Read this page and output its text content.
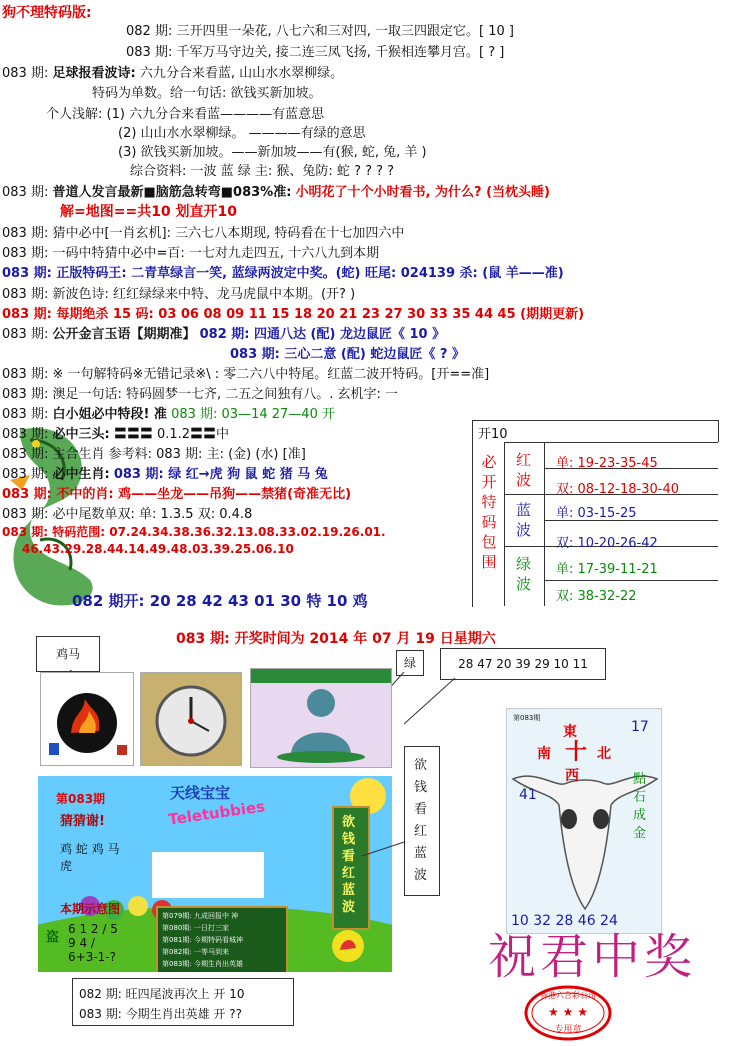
狗不理特码版:
082 期: 三开四里一朵花, 八七六和三对四, 一取三四跟定它。[ 10 ]
083 期: 千军万马守边关, 接二连三凤飞扬, 千猴相连攀月宫。[ ? ]
083 期: 足球报看波诗: 六九分合来看蓝, 山山水水翠柳绿。
特码为单数。给一句话: 欲钱买新加坡。
个人浅解: (1) 六九分合来看蓝————有蓝意思
(2) 山山水水翠柳绿。 ————有绿的意思
(3) 欲钱买新加坡。——新加坡——有(猴, 蛇, 兔, 羊 )
综合资料: 一波 蓝 绿 主: 猴、兔防: 蛇 ? ? ? ?
083 期: 普道人发言最新■脑筋急转弯■083%准: 小明花了十个小时看书, 为什么? (当枕头睡)
解=地图==共10 划直开10
083 期: 猜中必中[一肖玄机]: 三六七八本期现, 特码看在十七加四六中
083 期: 一码中特猜中必中=百: 一七对九走四五, 十六八九到本期
083 期: 正版特码王: 二青草绿言一笑, 蓝绿两波定中奖。(蛇) 旺尾: 024139 杀: (鼠 羊——准)
083 期: 新波色诗: 红红绿绿来中特、龙马虎鼠中本期。(开? )
083 期: 每期绝杀 15 码: 03 06 08 09 11 15 18 20 21 23 27 30 33 35 44 45 (期期更新)
083 期: 公开金言玉语【期期准】 082 期: 四通八达 (配) 龙边鼠匠《 10 》
083 期: 三心二意 (配) 蛇边鼠匠《 ? 》
083 期: ※ 一句解特码※无错记录※\ : 零二六八中特尾。红蓝二波开特码。[开==准]
083 期: 澳足一句话: 特码圆梦一七齐, 二五之间独有八。. 玄机字: 一
083 期: 白小姐必中特段! 准 083 期: 03—14 27—40 开
083 期: 必中三头: 〓〓〓 0.1.2〓〓中
083 期: 主合生肖 参考料: 083 期: 主: (金) (水) [准]
083 期: 必中生肖: 083 期: 绿 红→虎 狗 鼠 蛇 猪 马 兔
083 期: 不中的肖: 鸡——坐龙——吊狗——禁猪(奇准无比)
083 期: 必中尾数单双: 单: 1.3.5 双: 0.4.8
083 期: 特码范围: 07.24.34.38.36.32.13.08.33.02.19.26.01.
46.43.29.28.44.14.49.48.03.39.25.06.10
082 期开: 20 28 42 43 01 30 特 10 鸡
开10
必开特码包围
红波
单: 19-23-35-45
双: 08-12-18-30-40
蓝波
单: 03-15-25
双: 10-20-26-42
绿波
单: 17-39-11-21
双: 38-32-22
083 期: 开奖时间为 2014 年 07 月 19 日星期六
鸡马
绿	28 47 20 39 29 10 11
第083期	天线宝宝
Teletubbies
猜猜谢!
鸡 蛇 鸡 马 虎
本期示意图
盗
6 1 2 / 5 9 4 / 6+3-1-?
第079期: 九成回报中 神
第080期: 一日打三家
第081期: 今期特码看城神
第082期: 一等马到来
第083期: 今期生肖出英雄
欲钱看红蓝波
欲钱看红蓝波
第083期
東
南 十 北
西
17
點石成金
41
10 32 28 46 24
祝君中奖
082 期: 旺四尾波再次上 开 10
083 期: 今期生肖出英雄 开 ??
香港六合彩公司
★ ★ ★
专用章
